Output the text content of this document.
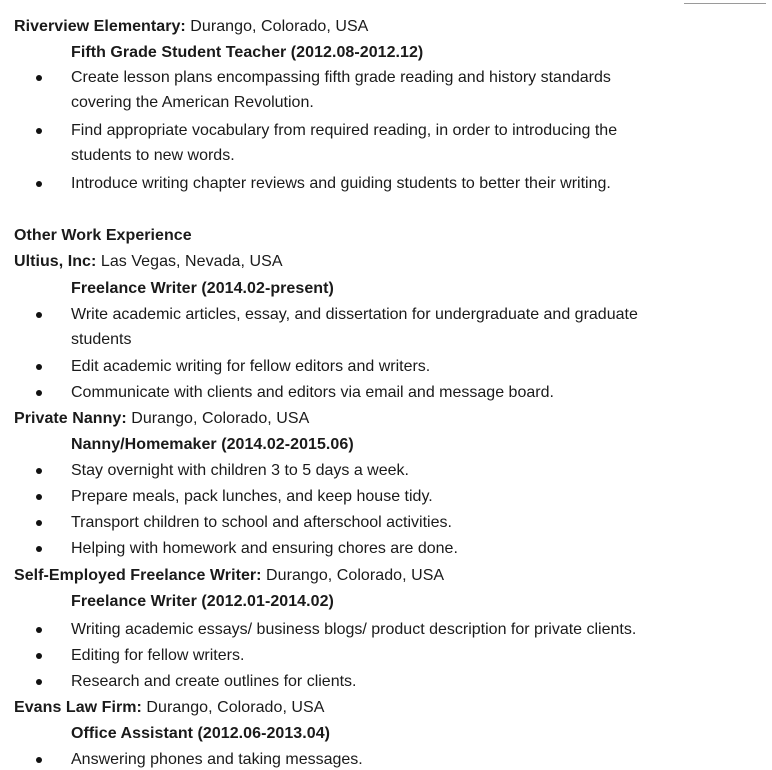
Riverview Elementary: Durango, Colorado, USA
Fifth Grade Student Teacher (2012.08-2012.12)
Create lesson plans encompassing fifth grade reading and history standards
covering the American Revolution.
Find appropriate vocabulary from required reading, in order to introducing the
students to new words.
Introduce writing chapter reviews and guiding students to better their writing.
Other Work Experience
Ultius, Inc: Las Vegas, Nevada, USA
Freelance Writer (2014.02-present)
Write academic articles, essay, and dissertation for undergraduate and graduate
students
Edit academic writing for fellow editors and writers.
Communicate with clients and editors via email and message board.
Private Nanny: Durango, Colorado, USA
Nanny/Homemaker (2014.02-2015.06)
Stay overnight with children 3 to 5 days a week.
Prepare meals, pack lunches, and keep house tidy.
Transport children to school and afterschool activities.
Helping with homework and ensuring chores are done.
Self-Employed Freelance Writer: Durango, Colorado, USA
Freelance Writer (2012.01-2014.02)
Writing academic essays/ business blogs/ product description for private clients.
Editing for fellow writers.
Research and create outlines for clients.
Evans Law Firm: Durango, Colorado, USA
Office Assistant (2012.06-2013.04)
Answering phones and taking messages.
